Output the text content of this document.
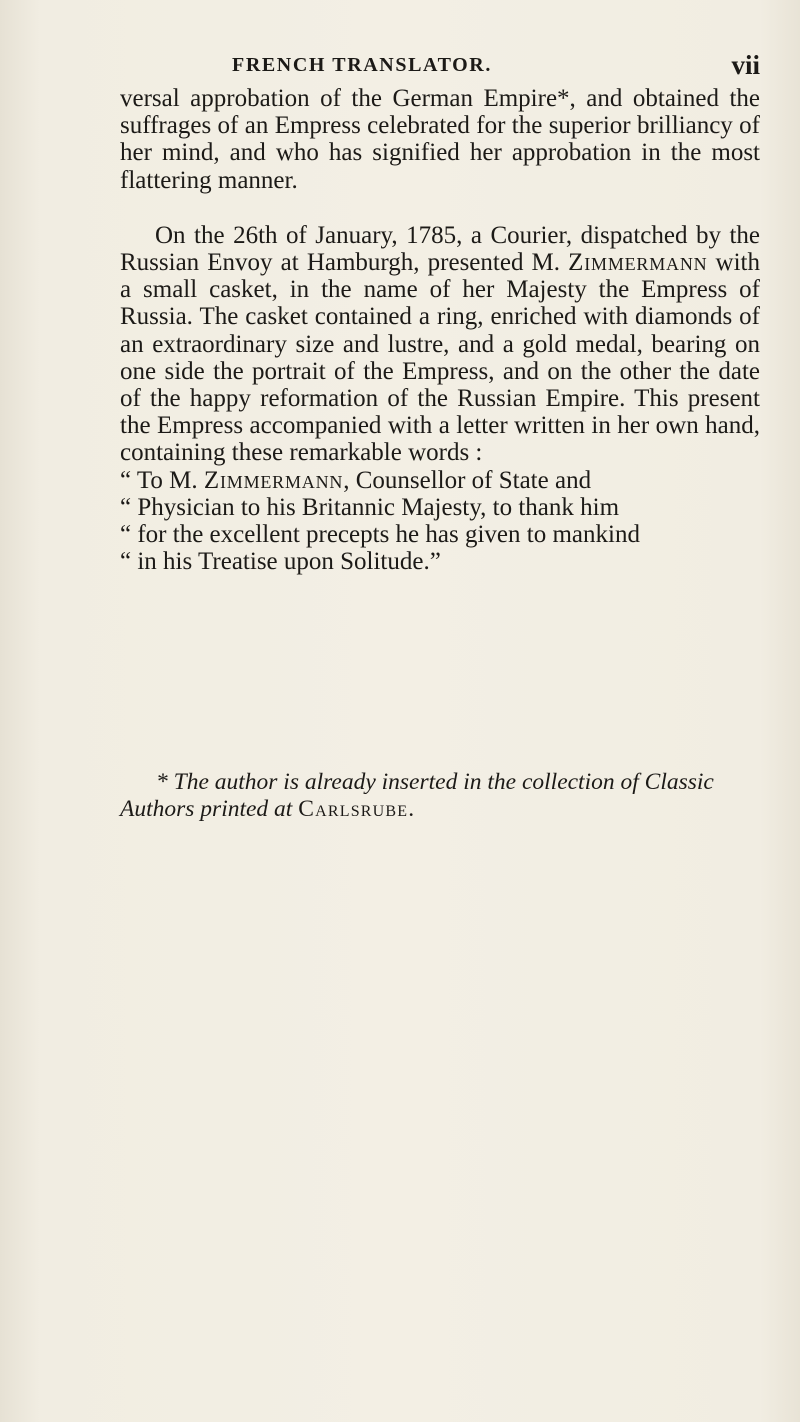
FRENCH TRANSLATOR.	vii

versal approbation of the German Empire*, and obtained the suffrages of an Empress celebrated for the superior brilliancy of her mind, and who has signified her approbation in the most flattering manner.

On the 26th of January, 1785, a Courier, dispatched by the Russian Envoy at Hamburgh, presented M. Zimmermann with a small casket, in the name of her Majesty the Empress of Russia. The casket contained a ring, enriched with diamonds of an extraordinary size and lustre, and a gold medal, bearing on one side the portrait of the Empress, and on the other the date of the happy reformation of the Russian Empire. This present the Empress accompanied with a letter written in her own hand, containing these remarkable words :

“ To M. Zimmermann, Counsellor of State and

“ Physician to his Britannic Majesty, to thank him

“ for the excellent precepts he has given to mankind

“ in his Treatise upon Solitude.”

* The author is already inserted in the collection of Classic Authors printed at Carlsrube.
